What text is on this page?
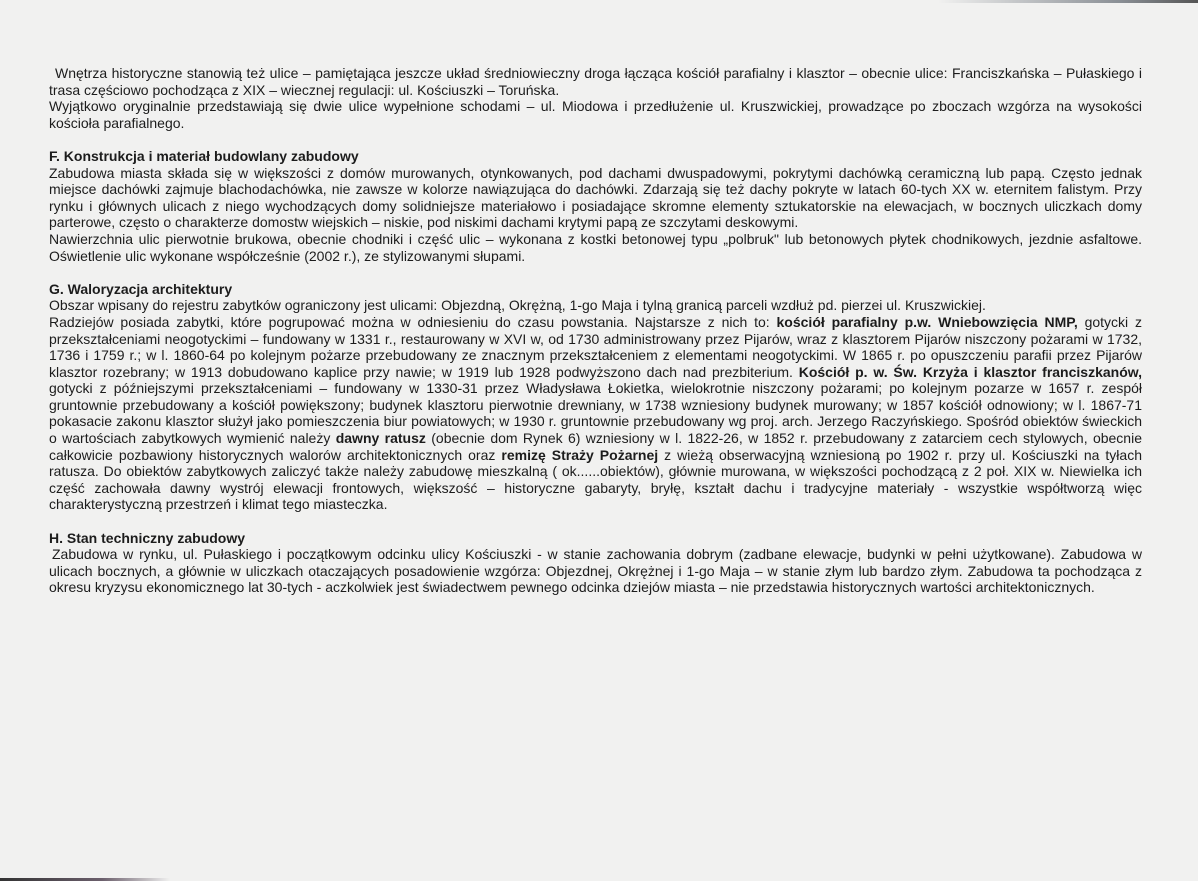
Wnętrza historyczne stanowią też ulice – pamiętająca jeszcze układ średniowieczny droga łącząca kościół parafialny i klasztor – obecnie ulice: Franciszkańska – Pułaskiego i trasa częściowo pochodząca z XIX – wiecznej regulacji: ul. Kościuszki – Toruńska.

Wyjątkowo oryginalnie przedstawiają się dwie ulice wypełnione schodami – ul. Miodowa i przedłużenie ul. Kruszwickiej, prowadzące po zboczach wzgórza na wysokości kościoła parafialnego.

F. Konstrukcja i materiał budowlany zabudowy

Zabudowa miasta składa się w większości z domów murowanych, otynkowanych, pod dachami dwuspadowymi, pokrytymi dachówką ceramiczną lub papą. Często jednak miejsce dachówki zajmuje blachodachówka, nie zawsze w kolorze nawiązująca do dachówki. Zdarzają się też dachy pokryte w latach 60-tych XX w. eternitem falistym. Przy rynku i głównych ulicach z niego wychodzących domy solidniejsze materiałowo i posiadające skromne elementy sztukatorskie na elewacjach, w bocznych uliczkach domy parterowe, często o charakterze domostw wiejskich – niskie, pod niskimi dachami krytymi papą ze szczytami deskowymi.

Nawierzchnia ulic pierwotnie brukowa, obecnie chodniki i część ulic – wykonana z kostki betonowej typu „polbruk" lub betonowych płytek chodnikowych, jezdnie asfaltowe. Oświetlenie ulic wykonane współcześnie (2002 r.), ze stylizowanymi słupami.

G. Waloryzacja architektury

Obszar wpisany do rejestru zabytków ograniczony jest ulicami: Objezdną, Okrężną, 1-go Maja i tylną granicą parceli wzdłuż pd. pierzei ul. Kruszwickiej.

Radziejów posiada zabytki, które pogrupować można w odniesieniu do czasu powstania. Najstarsze z nich to: kościół parafialny p.w. Wniebowzięcia NMP, gotycki z przekształceniami neogotyckimi – fundowany w 1331 r., restaurowany w XVI w, od 1730 administrowany przez Pijarów, wraz z klasztorem Pijarów niszczony pożarami w 1732, 1736 i 1759 r.; w l. 1860-64 po kolejnym pożarze przebudowany ze znacznym przekształceniem z elementami neogotyckimi. W 1865 r. po opuszczeniu parafii przez Pijarów klasztor rozebrany; w 1913 dobudowano kaplice przy nawie; w 1919 lub 1928 podwyższono dach nad prezbiterium. Kościół p. w. Św. Krzyża i klasztor franciszkanów, gotycki z późniejszymi przekształceniami – fundowany w 1330-31 przez Władysława Łokietka, wielokrotnie niszczony pożarami; po kolejnym pozarze w 1657 r. zespół gruntownie przebudowany a kościół powiększony; budynek klasztoru pierwotnie drewniany, w 1738 wzniesiony budynek murowany; w 1857 kościół odnowiony; w l. 1867-71 pokasacie zakonu klasztor służył jako pomieszczenia biur powiatowych; w 1930 r. gruntownie przebudowany wg proj. arch. Jerzego Raczyńskiego. Spośród obiektów świeckich o wartościach zabytkowych wymienić należy dawny ratusz (obecnie dom Rynek 6) wzniesiony w l. 1822-26, w 1852 r. przebudowany z zatarciem cech stylowych, obecnie całkowicie pozbawiony historycznych walorów architektonicznych oraz remizę Straży Pożarnej z wieżą obserwacyjną wzniesioną po 1902 r. przy ul. Kościuszki na tyłach ratusza. Do obiektów zabytkowych zaliczyć także należy zabudowę mieszkalną ( ok......obiektów), głównie murowana, w większości pochodzącą z 2 poł. XIX w. Niewielka ich część zachowała dawny wystrój elewacji frontowych, większość – historyczne gabaryty, bryłę, kształt dachu i tradycyjne materiały - wszystkie współtworzą więc charakterystyczną przestrzeń i klimat tego miasteczka.

H. Stan techniczny zabudowy

Zabudowa w rynku, ul. Pułaskiego i początkowym odcinku ulicy Kościuszki - w stanie zachowania dobrym (zadbane elewacje, budynki w pełni użytkowane). Zabudowa w ulicach bocznych, a głównie w uliczkach otaczających posadowienie wzgórza: Objezdnej, Okrężnej i 1-go Maja – w stanie złym lub bardzo złym. Zabudowa ta pochodząca z okresu kryzysu ekonomicznego lat 30-tych - aczkolwiek jest świadectwem pewnego odcinka dziejów miasta – nie przedstawia historycznych wartości architektonicznych.
